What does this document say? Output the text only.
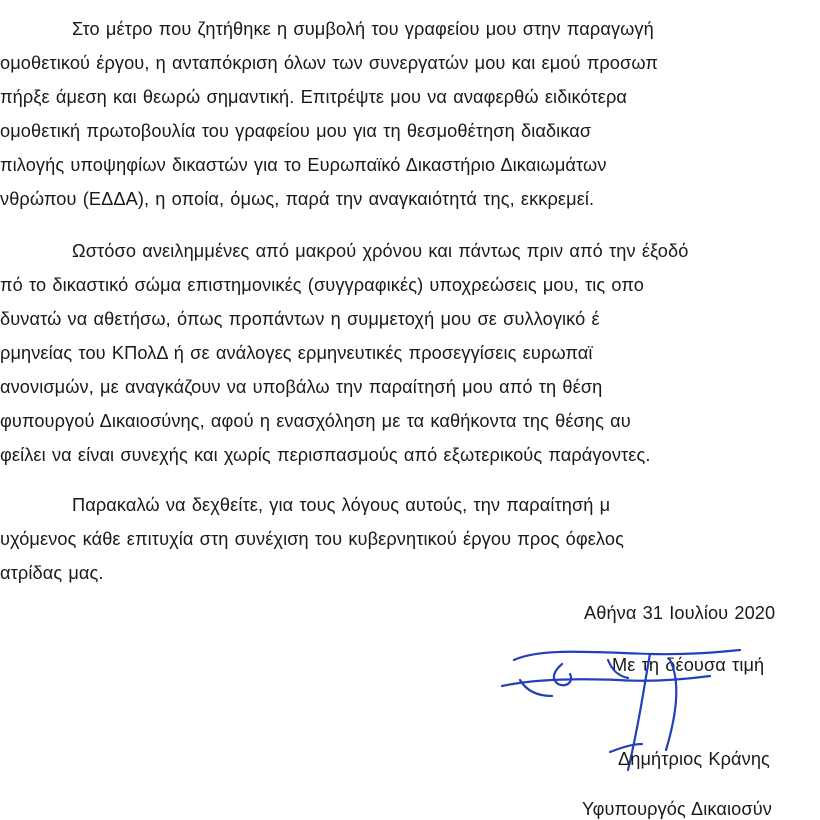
Στο μέτρο που ζητήθηκε η συμβολή του γραφείου μου στην παραγωγή
ομοθετικού έργου, η ανταπόκριση όλων των συνεργατών μου και εμού προσωπ
πήρξε άμεση και θεωρώ σημαντική. Επιτρέψτε μου να αναφερθώ ειδικότερα
ομοθετική πρωτοβουλία του γραφείου μου για τη θεσμοθέτηση διαδικασ
πιλογής υποψηφίων δικαστών για το Ευρωπαϊκό Δικαστήριο Δικαιωμάτων
νθρώπου (ΕΔΔΑ), η οποία, όμως, παρά την αναγκαιότητά της, εκκρεμεί.
Ωστόσο ανειλημμένες από μακρού χρόνου και πάντως πριν από την έξοδό
πό το δικαστικό σώμα επιστημονικές (συγγραφικές) υποχρεώσεις μου, τις οπο
δυνατώ να αθετήσω, όπως προπάντων η συμμετοχή μου σε συλλογικό έ
ρμηνείας του ΚΠολΔ ή σε ανάλογες ερμηνευτικές προσεγγίσεις ευρωπαϊ
ανονισμών, με αναγκάζουν να υποβάλω την παραίτησή μου από τη θέση
φυπουργού Δικαιοσύνης, αφού η ενασχόληση με τα καθήκοντα της θέσης αυ
φείλει να είναι συνεχής και χωρίς περισπασμούς από εξωτερικούς παράγοντες.
Παρακαλώ να δεχθείτε, για τους λόγους αυτούς, την παραίτησή μ
υχόμενος κάθε επιτυχία στη συνέχιση του κυβερνητικού έργου προς όφελος
ατρίδας μας.
Αθήνα 31 Ιουλίου 2020
Με τη δέουσα τιμή
Δημήτριος Κράνης
Υφυπουργός Δικαιοσύν
